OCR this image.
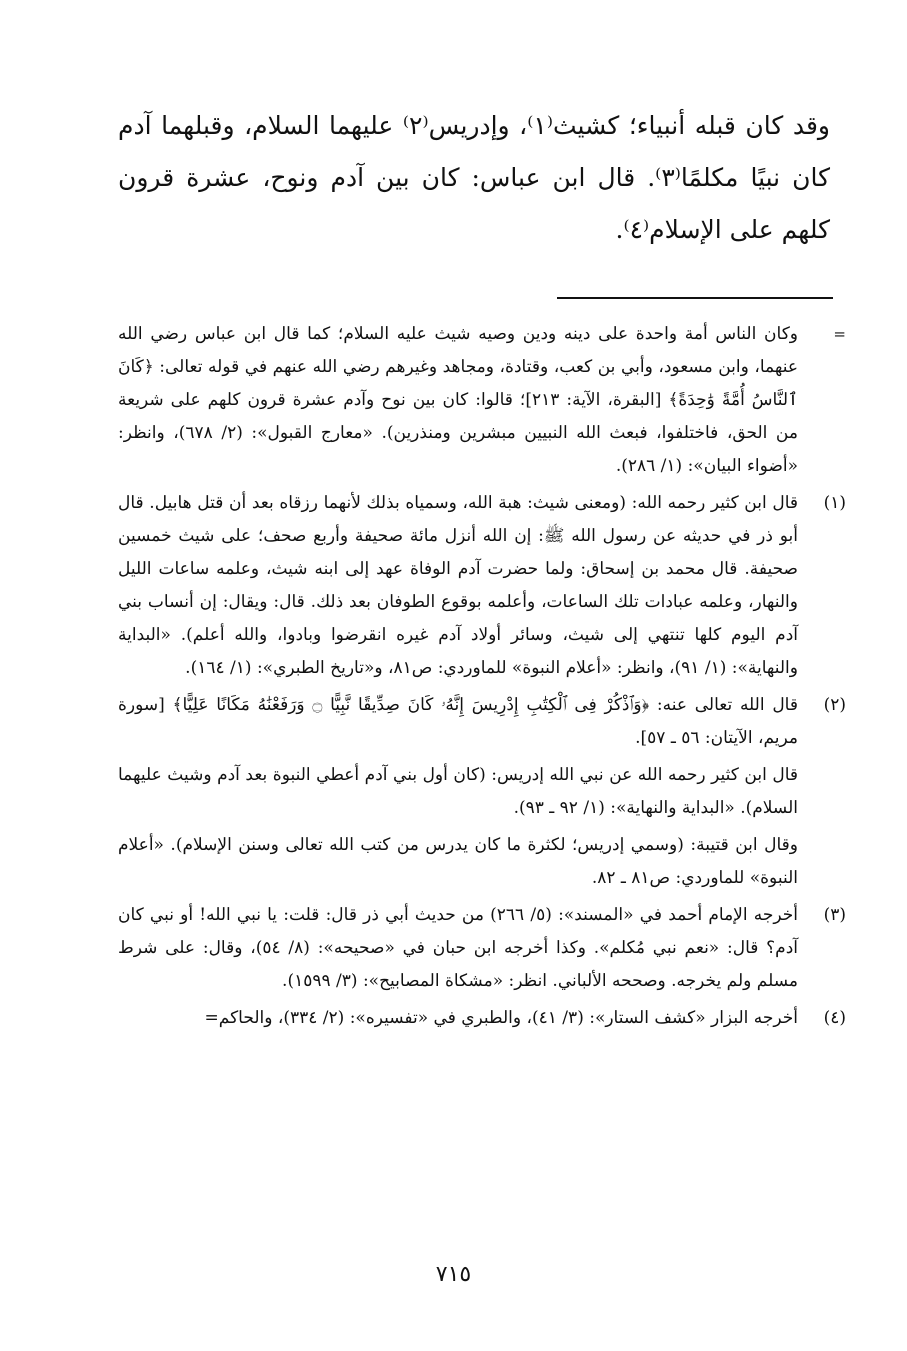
وقد كان قبله أنبياء؛ كشيث⁽١⁾، وإدريس⁽٢⁾ عليهما السلام، وقبلهما آدم كان نبيًا مكلمًا⁽٣⁾. قال ابن عباس: كان بين آدم ونوح، عشرة قرون كلهم على الإسلام⁽٤⁾.

=

وكان الناس أمة واحدة على دينه ودين وصيه شيث عليه السلام؛ كما قال ابن عباس رضي الله عنهما، وابن مسعود، وأبي بن كعب، وقتادة، ومجاهد وغيرهم رضي الله عنهم في قوله تعالى: ﴿كَانَ ٱلنَّاسُ أُمَّةً وَٰحِدَةً﴾ [البقرة، الآية: ٢١٣]؛ قالوا: كان بين نوح وآدم عشرة قرون كلهم على شريعة من الحق، فاختلفوا، فبعث الله النبيين مبشرين ومنذرين). «معارج القبول»: (٢/ ٦٧٨)، وانظر: «أضواء البيان»: (١/ ٢٨٦).

(١)

قال ابن كثير رحمه الله: (ومعنى شيث: هبة الله، وسمياه بذلك لأنهما رزقاه بعد أن قتل هابيل. قال أبو ذر في حديثه عن رسول الله ﷺ: إن الله أنزل مائة صحيفة وأربع صحف؛ على شيث خمسين صحيفة. قال محمد بن إسحاق: ولما حضرت آدم الوفاة عهد إلى ابنه شيث، وعلمه ساعات الليل والنهار، وعلمه عبادات تلك الساعات، وأعلمه بوقوع الطوفان بعد ذلك. قال: ويقال: إن أنساب بني آدم اليوم كلها تنتهي إلى شيث، وسائر أولاد آدم غيره انقرضوا وبادوا، والله أعلم). «البداية والنهاية»: (١/ ٩١)، وانظر: «أعلام النبوة» للماوردي: ص٨١، و«تاريخ الطبري»: (١/ ١٦٤).

(٢)

قال الله تعالى عنه: ﴿وَٱذْكُرْ فِى ٱلْكِتَٰبِ إِدْرِيسَ إِنَّهُۥ كَانَ صِدِّيقًا نَّبِيًّا ۝ وَرَفَعْنَٰهُ مَكَانًا عَلِيًّا﴾ [سورة مريم، الآيتان: ٥٦ ـ ٥٧].

قال ابن كثير رحمه الله عن نبي الله إدريس: (كان أول بني آدم أعطي النبوة بعد آدم وشيث عليهما السلام). «البداية والنهاية»: (١/ ٩٢ ـ ٩٣).

وقال ابن قتيبة: (وسمي إدريس؛ لكثرة ما كان يدرس من كتب الله تعالى وسنن الإسلام). «أعلام النبوة» للماوردي: ص٨١ ـ ٨٢.

(٣)

أخرجه الإمام أحمد في «المسند»: (٥/ ٢٦٦) من حديث أبي ذر قال: قلت: يا نبي الله! أو نبي كان آدم؟ قال: «نعم نبي مُكلم». وكذا أخرجه ابن حبان في «صحيحه»: (٨/ ٥٤)، وقال: على شرط مسلم ولم يخرجه. وصححه الألباني. انظر: «مشكاة المصابيح»: (٣/ ١٥٩٩).

(٤)

أخرجه البزار «كشف الستار»: (٣/ ٤١)، والطبري في «تفسيره»: (٢/ ٣٣٤)، والحاكم=

٧١٥
